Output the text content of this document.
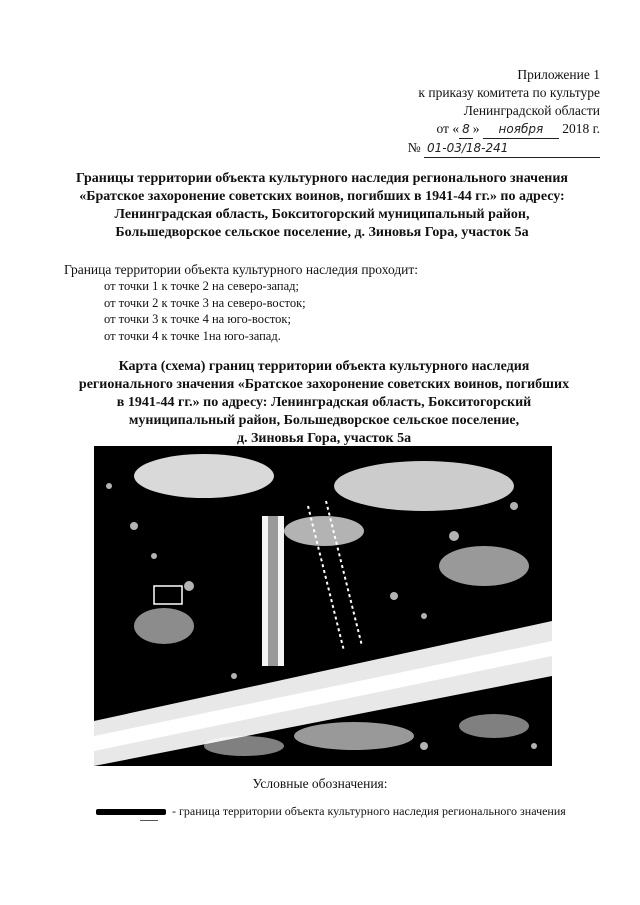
Приложение 1
к приказу комитета по культуре
Ленинградской области
от « 8 » ноября 2018 г.
№ 01-03/18-241
Границы территории объекта культурного наследия регионального значения
«Братское захоронение советских воинов, погибших в 1941-44 гг.» по адресу:
Ленинградская область, Бокситогорский муниципальный район,
Большедворское сельское поселение, д. Зиновья Гора, участок 5а
Граница территории объекта культурного наследия проходит:
от точки 1 к точке 2 на северо-запад;
от точки 2 к точке 3 на северо-восток;
от точки 3 к точке 4 на юго-восток;
от точки 4 к точке 1на юго-запад.
Карта (схема) границ территории объекта культурного наследия
регионального значения «Братское захоронение советских воинов, погибших
в 1941-44 гг.» по адресу: Ленинградская область, Бокситогорский
муниципальный район, Большедворское сельское поселение,
д. Зиновья Гора, участок 5а
Условные обозначения:
- граница территории объекта культурного наследия регионального значения
